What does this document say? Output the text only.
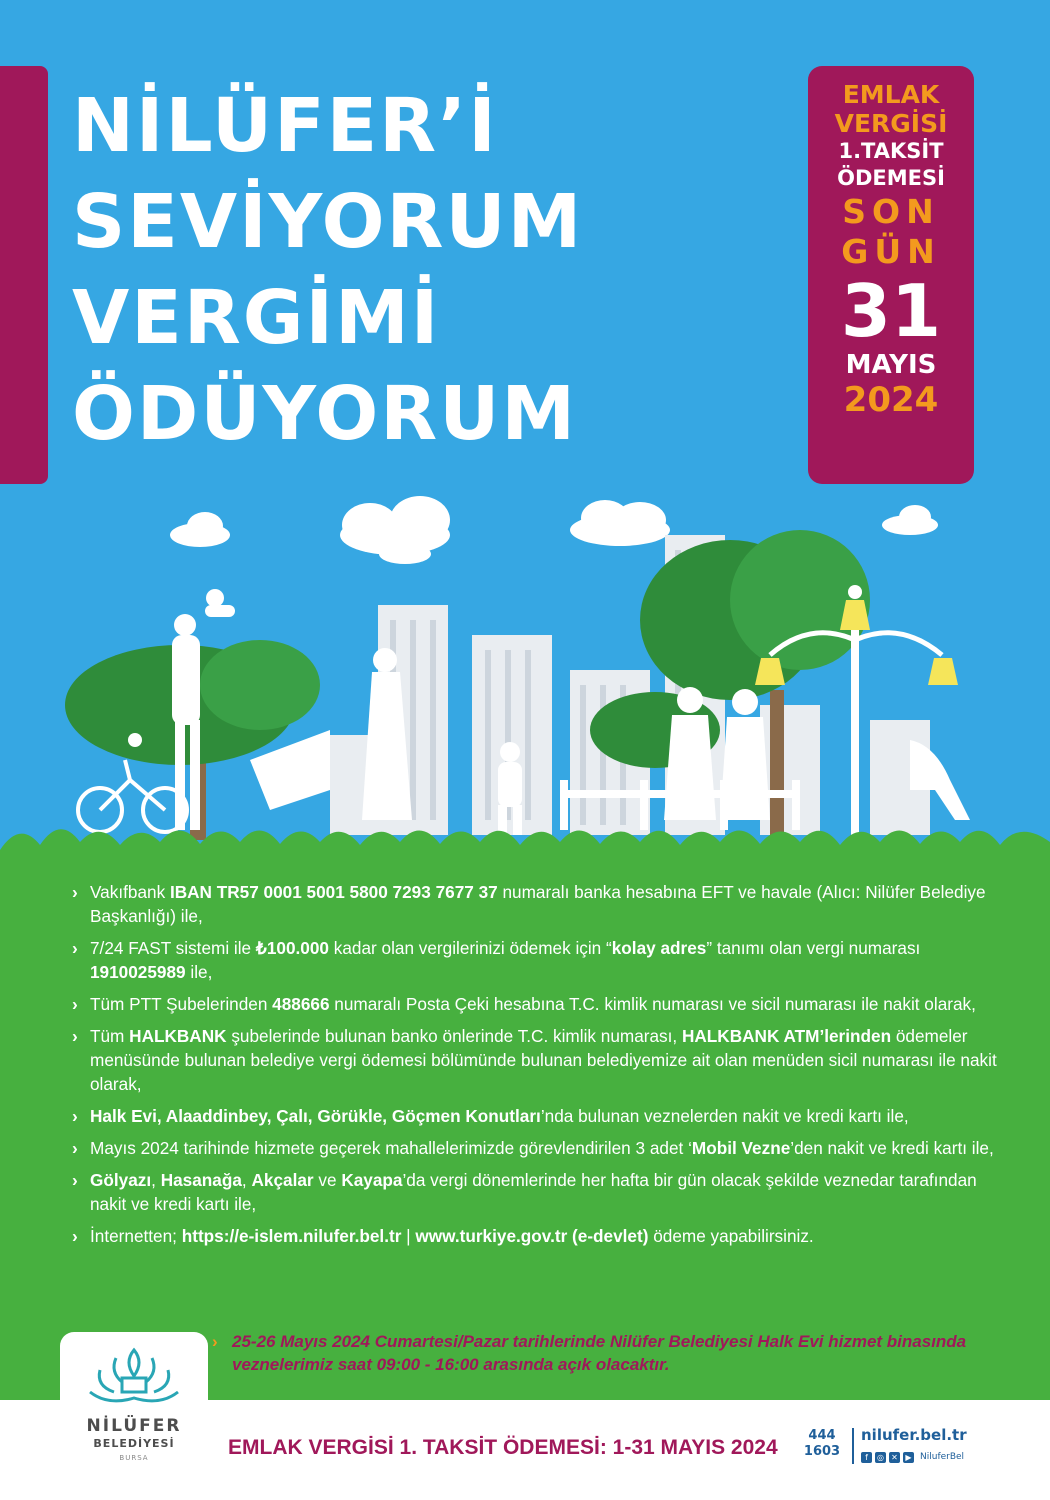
NİLÜFER’İ
SEVİYORUM
VERGİMİ
ÖDÜYORUM
EMLAK
VERGİSİ
1.TAKSİT
ÖDEMESİ
SON
GÜN
31
MAYIS
2024
› Vakıfbank IBAN TR57 0001 5001 5800 7293 7677 37 numaralı banka hesabına EFT ve havale (Alıcı: Nilüfer Belediye Başkanlığı) ile,
› 7/24 FAST sistemi ile ₺100.000 kadar olan vergilerinizi ödemek için “kolay adres” tanımı olan vergi numarası 1910025989 ile,
› Tüm PTT Şubelerinden 488666 numaralı Posta Çeki hesabına T.C. kimlik numarası ve sicil numarası ile nakit olarak,
› Tüm HALKBANK şubelerinde bulunan banko önlerinde T.C. kimlik numarası, HALKBANK ATM’lerinden ödemeler menüsünde bulunan belediye vergi ödemesi bölümünde bulunan belediyemize ait olan menüden sicil numarası ile nakit olarak,
› Halk Evi, Alaaddinbey, Çalı, Görükle, Göçmen Konutları’nda bulunan veznelerden nakit ve kredi kartı ile,
› Mayıs 2024 tarihinde hizmete geçerek mahallelerimizde görevlendirilen 3 adet ‘Mobil Vezne’den nakit ve kredi kartı ile,
› Gölyazı, Hasanağa, Akçalar ve Kayapa’da vergi dönemlerinde her hafta bir gün olacak şekilde veznedar tarafından nakit ve kredi kartı ile,
› İnternetten; https://e-islem.nilufer.bel.tr | www.turkiye.gov.tr (e-devlet) ödeme yapabilirsiniz.
› 25-26 Mayıs 2024 Cumartesi/Pazar tarihlerinde Nilüfer Belediyesi Halk Evi hizmet binasında veznelerimiz saat 09:00 - 16:00 arasında açık olacaktır.
NİLÜFER
BELEDİYESİ
BURSA	EMLAK VERGİSİ 1. TAKSİT ÖDEMESİ: 1-31 MAYIS 2024
444
1603
nilufer.bel.tr
f	◎ ✕ ▶ NiluferBel
